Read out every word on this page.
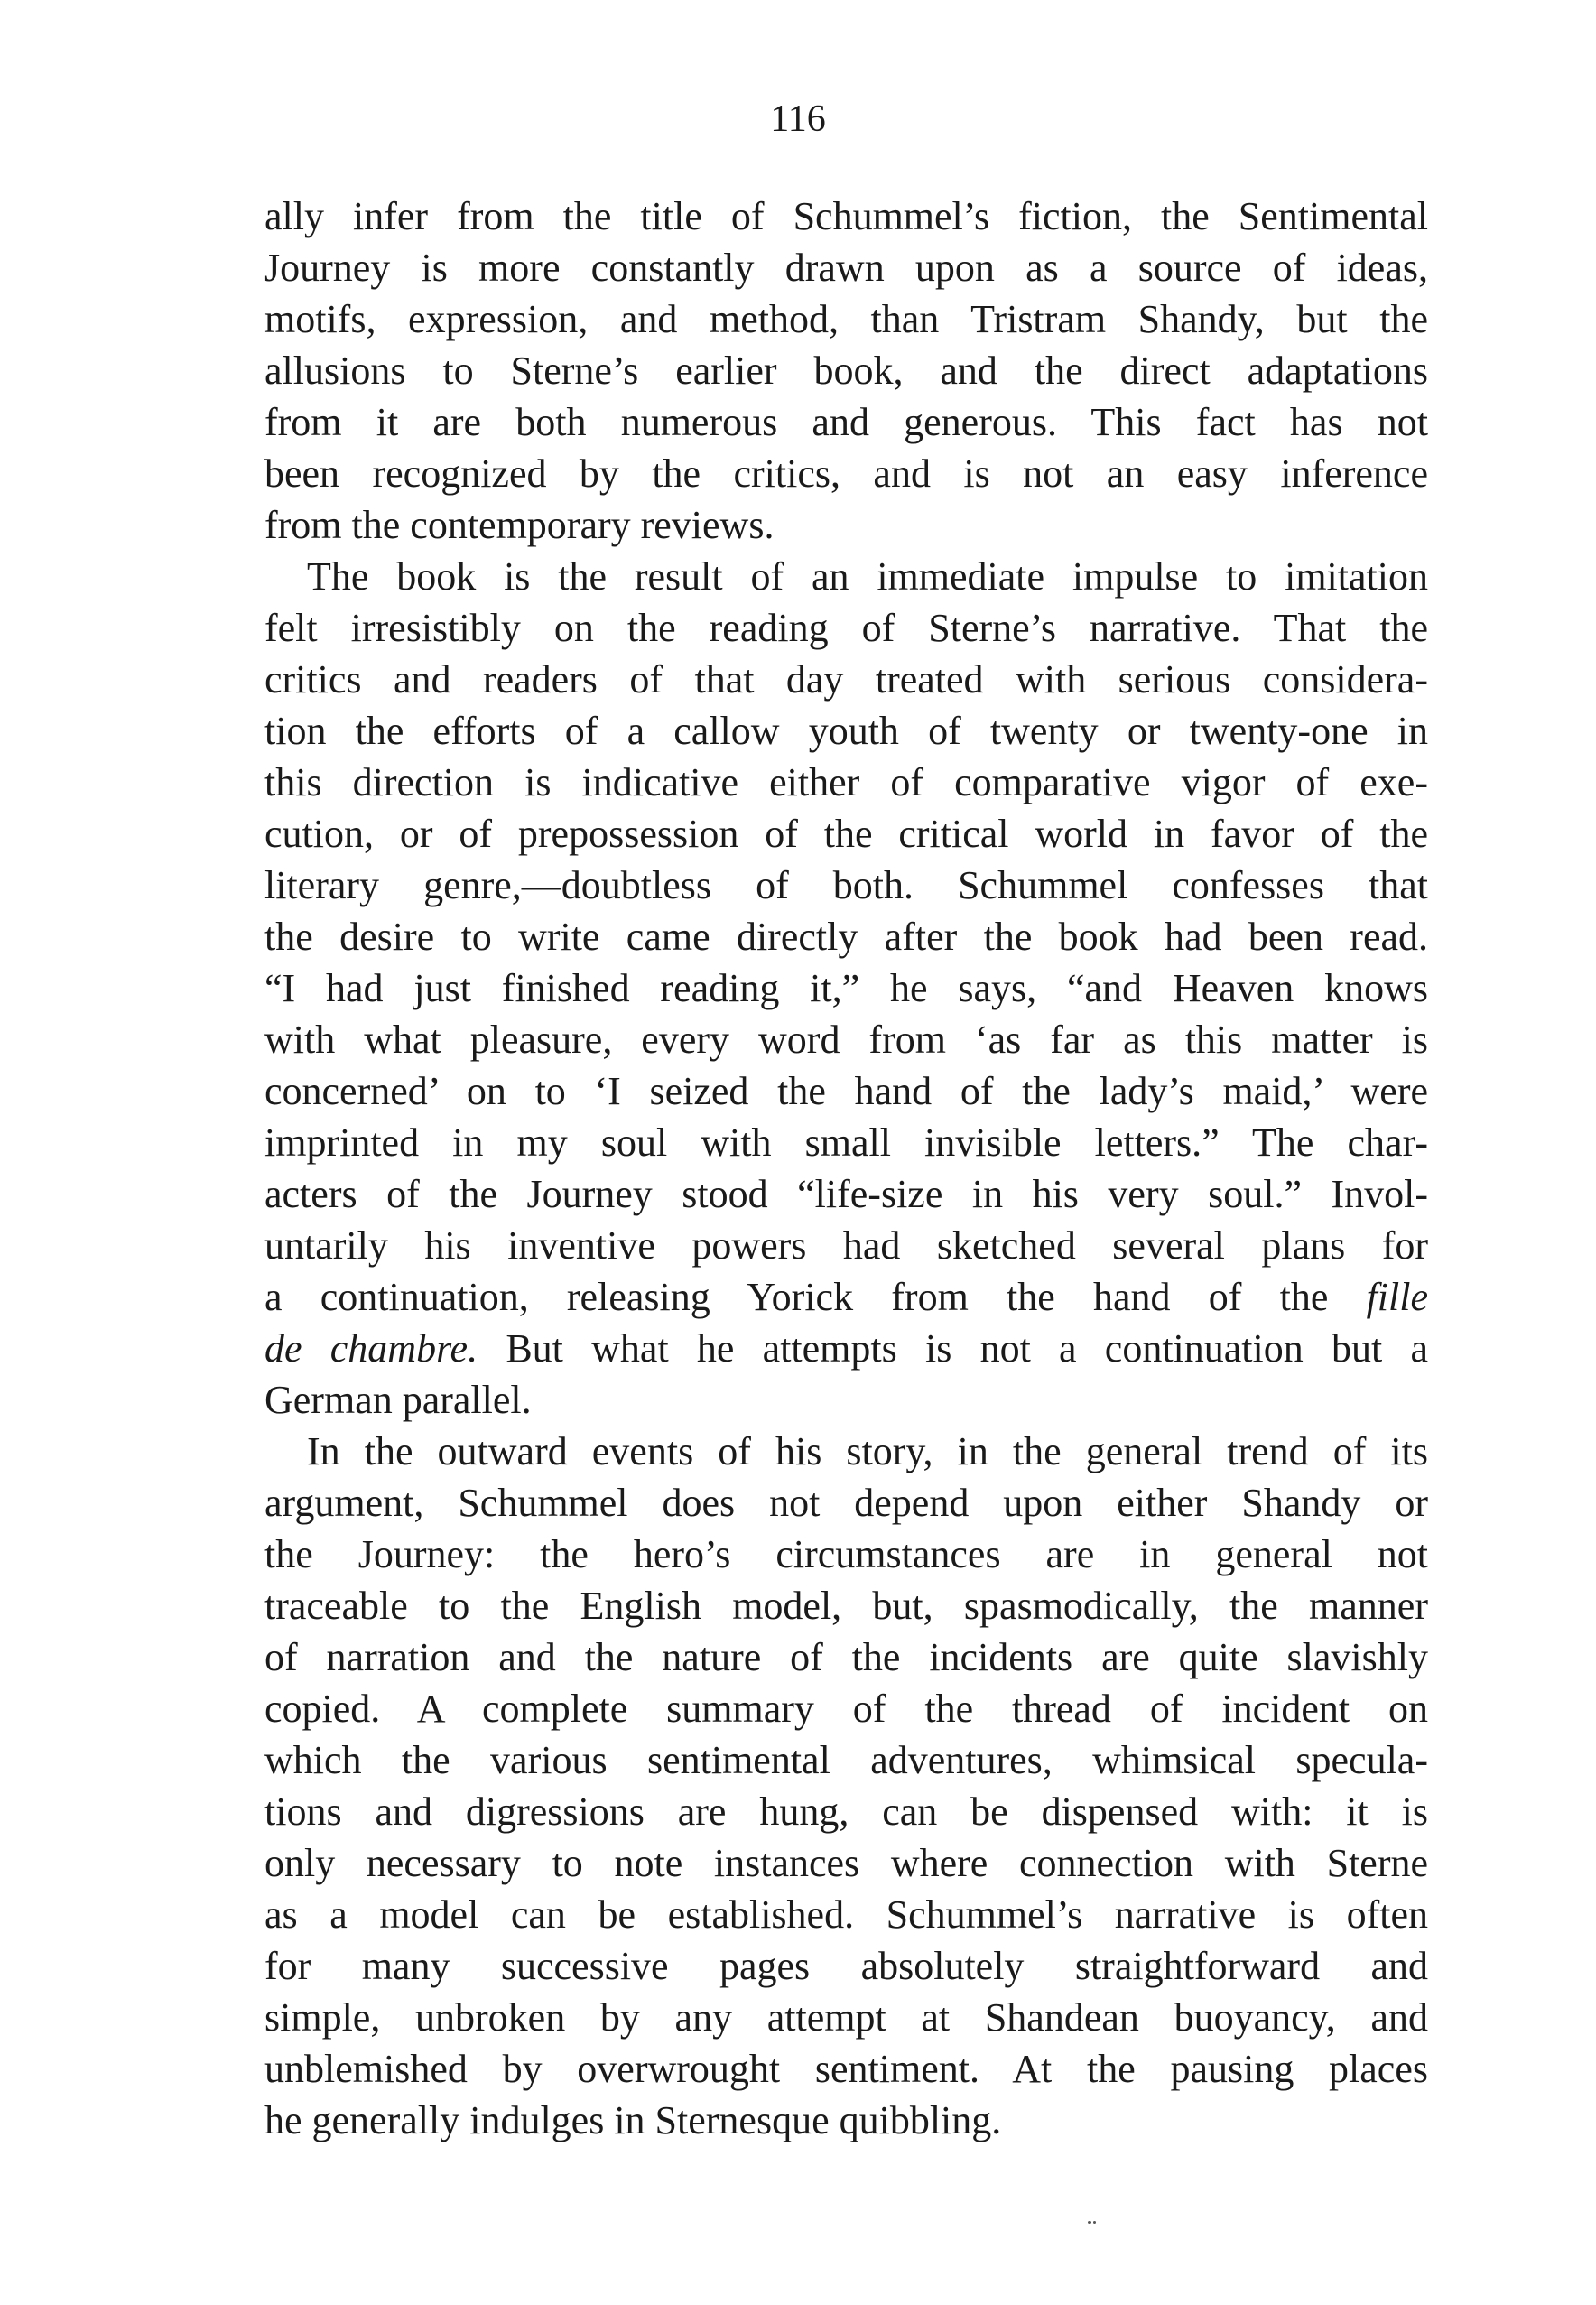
116
ally infer from the title of Schummel’s fiction, the Sentimental
Journey is more constantly drawn upon as a source of ideas,
motifs, expression, and method, than Tristram Shandy, but the
allusions to Sterne’s earlier book, and the direct adaptations
from it are both numerous and generous. This fact has not
been recognized by the critics, and is not an easy inference
from the contemporary reviews.
The book is the result of an immediate impulse to imitation
felt irresistibly on the reading of Sterne’s narrative. That the
critics and readers of that day treated with serious considera-
tion the efforts of a callow youth of twenty or twenty-one in
this direction is indicative either of comparative vigor of exe-
cution, or of prepossession of the critical world in favor of the
literary genre,—doubtless of both. Schummel confesses that
the desire to write came directly after the book had been read.
“I had just finished reading it,” he says, “and Heaven knows
with what pleasure, every word from ‘as far as this matter is
concerned’ on to ‘I seized the hand of the lady’s maid,’ were
imprinted in my soul with small invisible letters.” The char-
acters of the Journey stood “life-size in his very soul.” Invol-
untarily his inventive powers had sketched several plans for
a continuation, releasing Yorick from the hand of the fille
de chambre. But what he attempts is not a continuation but a
German parallel.
In the outward events of his story, in the general trend of its
argument, Schummel does not depend upon either Shandy or
the Journey: the hero’s circumstances are in general not
traceable to the English model, but, spasmodically, the manner
of narration and the nature of the incidents are quite slavishly
copied. A complete summary of the thread of incident on
which the various sentimental adventures, whimsical specula-
tions and digressions are hung, can be dispensed with: it is
only necessary to note instances where connection with Sterne
as a model can be established. Schummel’s narrative is often
for many successive pages absolutely straightforward and
simple, unbroken by any attempt at Shandean buoyancy, and
unblemished by overwrought sentiment. At the pausing places
he generally indulges in Sternesque quibbling.
